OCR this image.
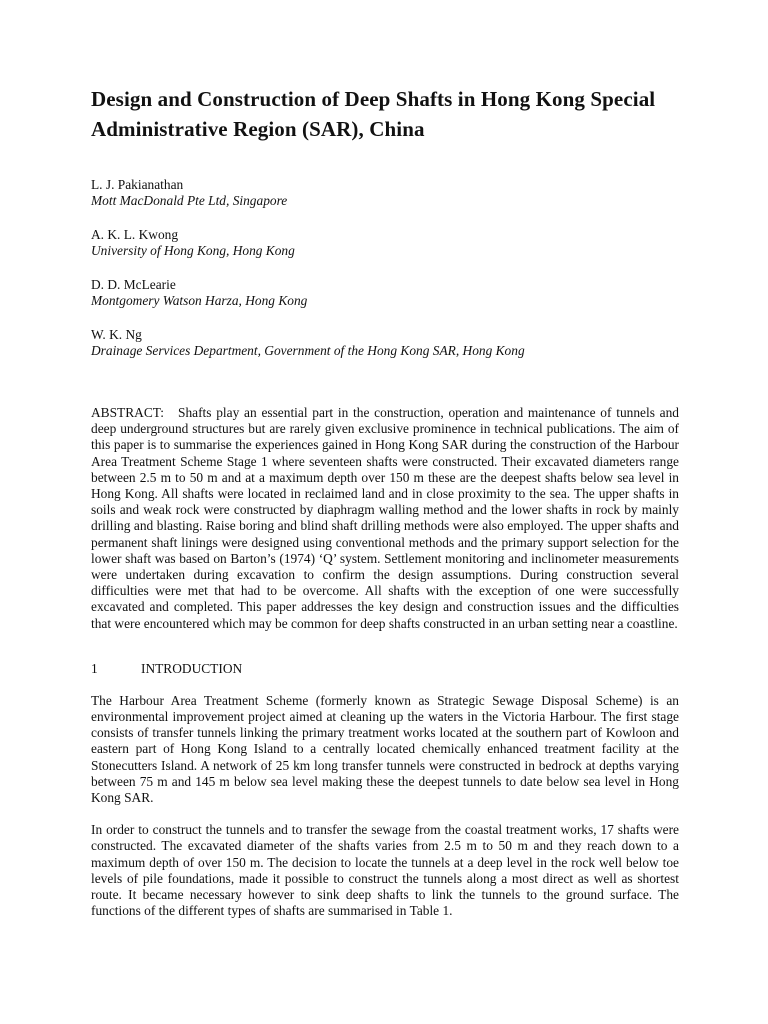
Design and Construction of Deep Shafts in Hong Kong Special Administrative Region (SAR), China
L. J. Pakianathan
Mott MacDonald Pte Ltd, Singapore
A. K. L. Kwong
University of Hong Kong, Hong Kong
D. D. McLearie
Montgomery Watson Harza, Hong Kong
W. K. Ng
Drainage Services Department, Government of the Hong Kong SAR, Hong Kong
ABSTRACT: Shafts play an essential part in the construction, operation and maintenance of tunnels and deep underground structures but are rarely given exclusive prominence in technical publications. The aim of this paper is to summarise the experiences gained in Hong Kong SAR during the construction of the Harbour Area Treatment Scheme Stage 1 where seventeen shafts were constructed. Their excavated diameters range between 2.5 m to 50 m and at a maximum depth over 150 m these are the deepest shafts below sea level in Hong Kong. All shafts were located in reclaimed land and in close proximity to the sea. The upper shafts in soils and weak rock were constructed by diaphragm walling method and the lower shafts in rock by mainly drilling and blasting. Raise boring and blind shaft drilling methods were also employed. The upper shafts and permanent shaft linings were designed using conventional methods and the primary support selection for the lower shaft was based on Barton’s (1974) ‘Q’ system. Settlement monitoring and inclinometer measurements were undertaken during excavation to confirm the design assumptions. During construction several difficulties were met that had to be overcome. All shafts with the exception of one were successfully excavated and completed. This paper addresses the key design and construction issues and the difficulties that were encountered which may be common for deep shafts constructed in an urban setting near a coastline.
1	INTRODUCTION

The Harbour Area Treatment Scheme (formerly known as Strategic Sewage Disposal Scheme) is an environmental improvement project aimed at cleaning up the waters in the Victoria Harbour. The first stage consists of transfer tunnels linking the primary treatment works located at the southern part of Kowloon and eastern part of Hong Kong Island to a centrally located chemically enhanced treatment facility at the Stonecutters Island. A network of 25 km long transfer tunnels were constructed in bedrock at depths varying between 75 m and 145 m below sea level making these the deepest tunnels to date below sea level in Hong Kong SAR.

In order to construct the tunnels and to transfer the sewage from the coastal treatment works, 17 shafts were constructed. The excavated diameter of the shafts varies from 2.5 m to 50 m and they reach down to a maximum depth of over 150 m. The decision to locate the tunnels at a deep level in the rock well below toe levels of pile foundations, made it possible to construct the tunnels along a most direct as well as shortest route. It became necessary however to sink deep shafts to link the tunnels to the ground surface. The functions of the different types of shafts are summarised in Table 1.
